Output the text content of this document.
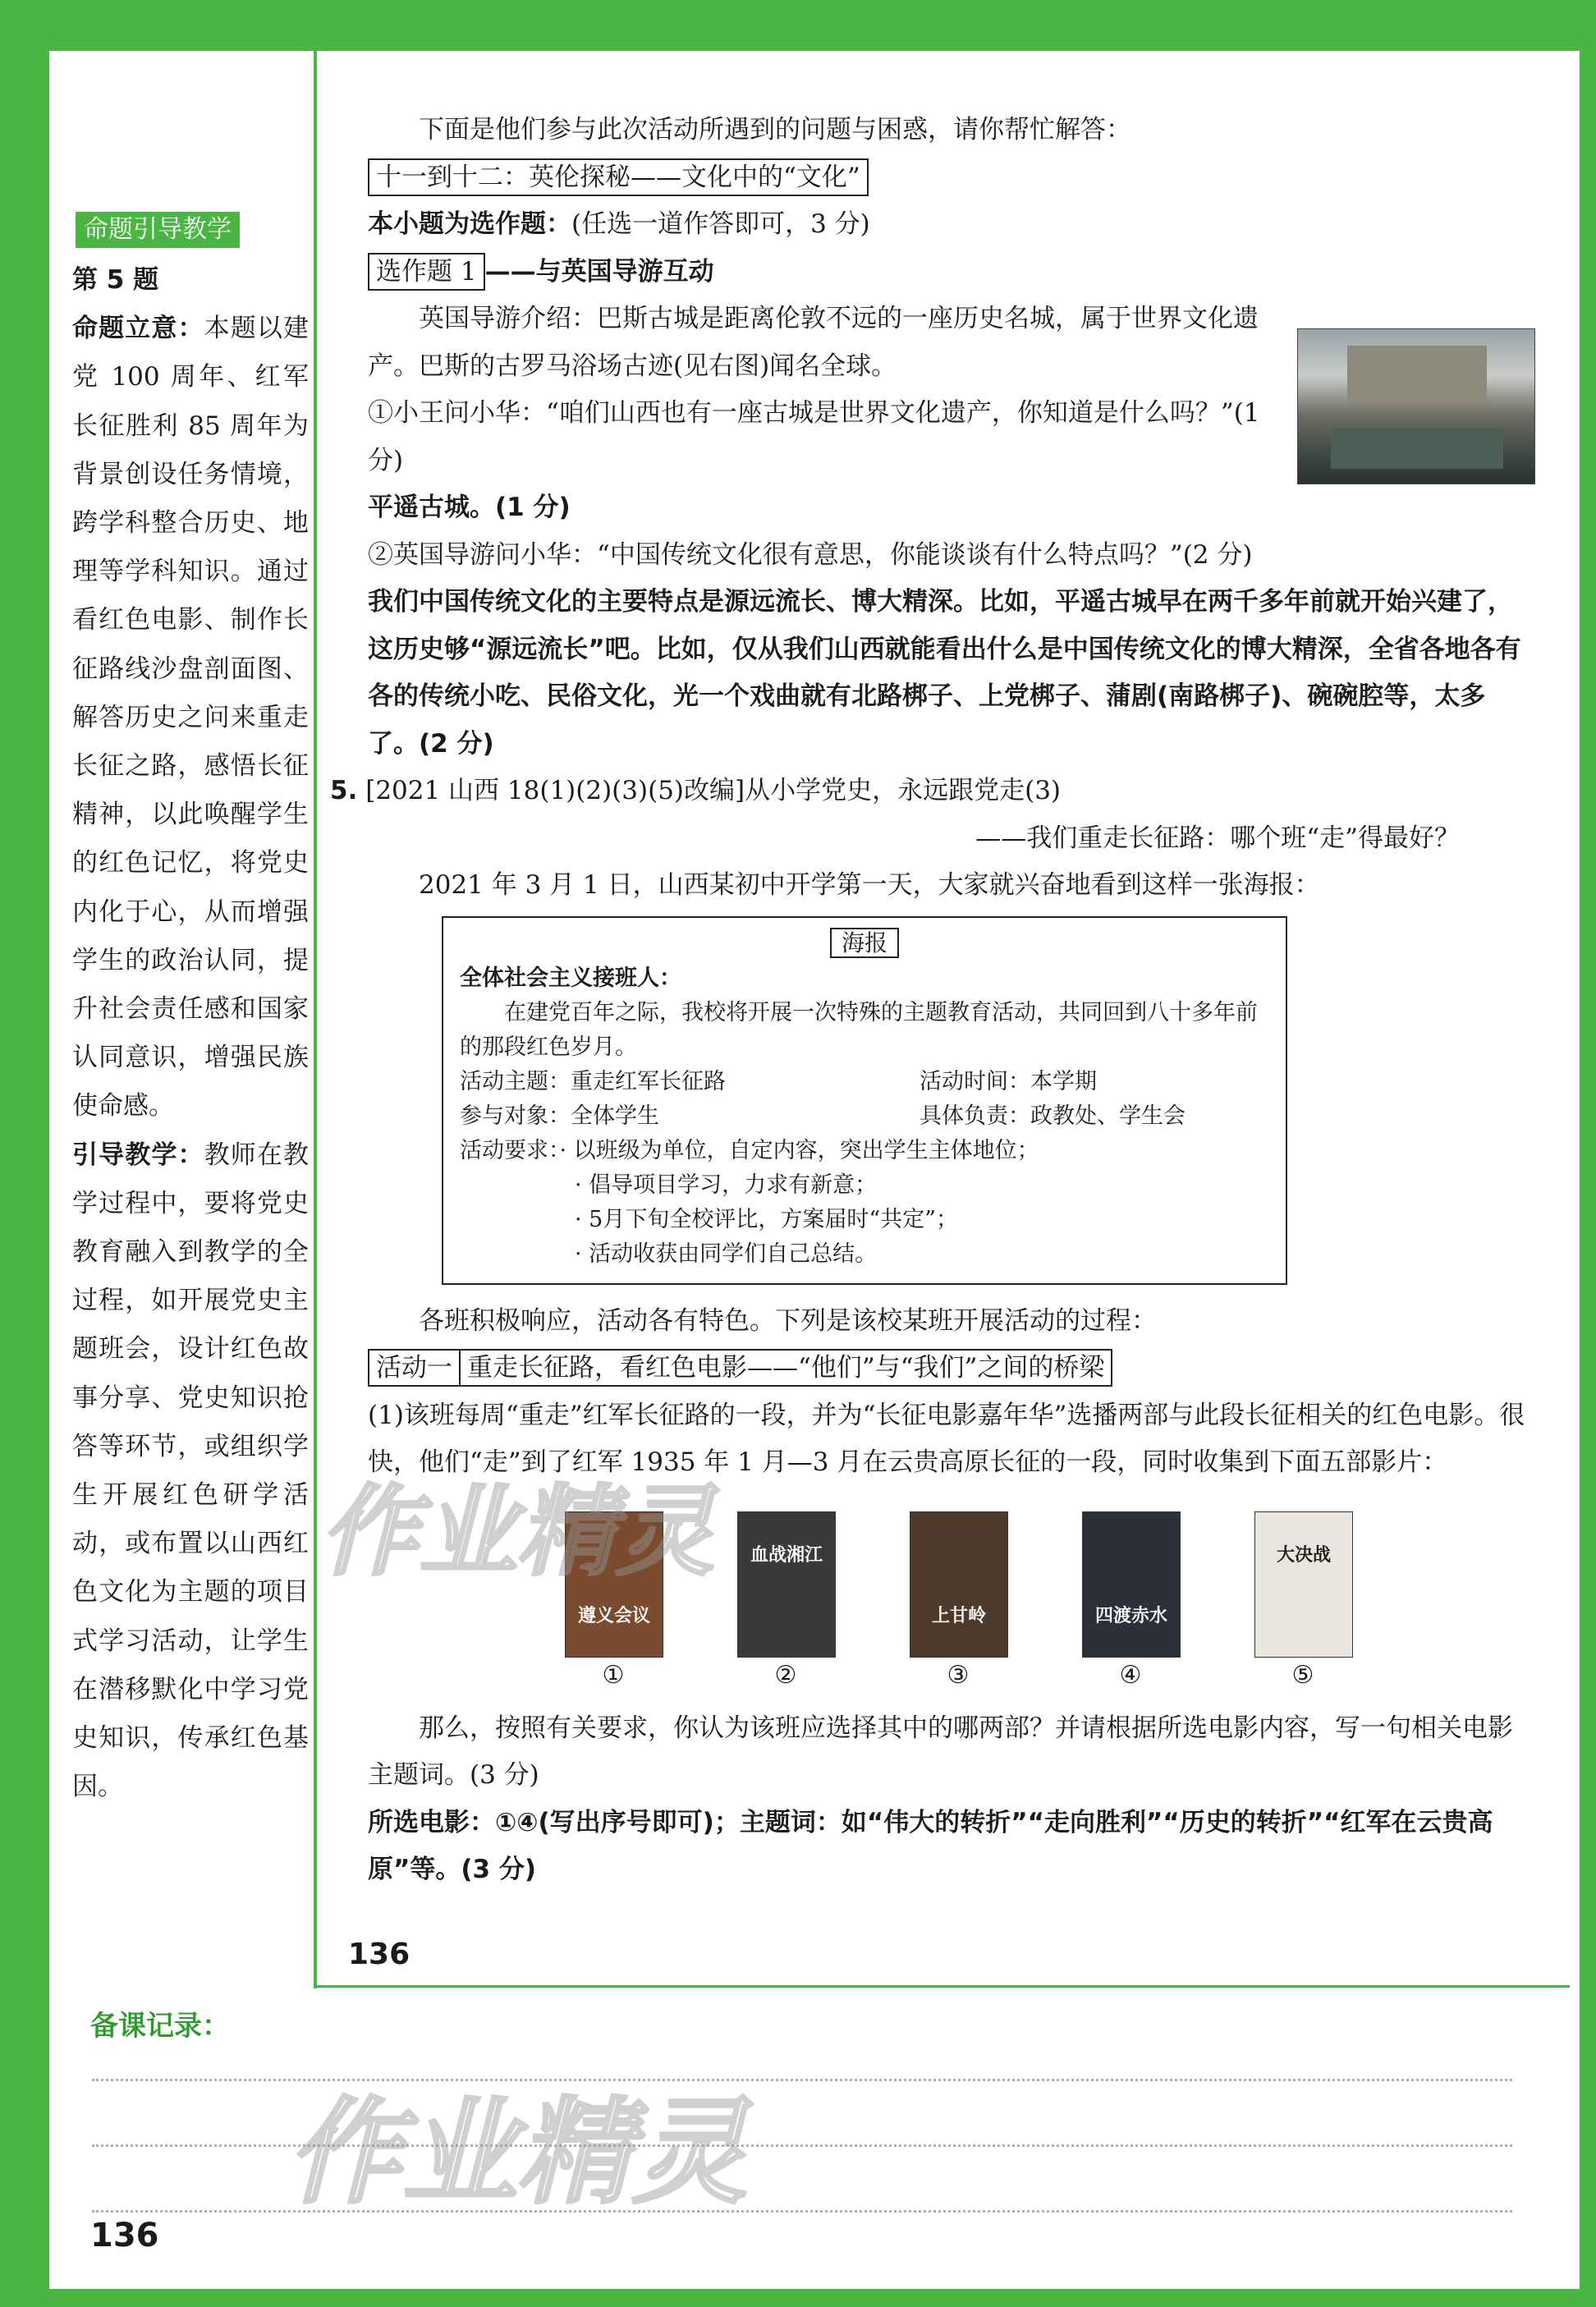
命题引导教学

第 5 题

命题立意：本题以建党 100 周年、红军长征胜利 85 周年为背景创设任务情境，跨学科整合历史、地理等学科知识。通过看红色电影、制作长征路线沙盘剖面图、解答历史之问来重走长征之路，感悟长征精神，以此唤醒学生的红色记忆，将党史内化于心，从而增强学生的政治认同，提升社会责任感和国家认同意识，增强民族使命感。

引导教学：教师在教学过程中，要将党史教育融入到教学的全过程，如开展党史主题班会，设计红色故事分享、党史知识抢答等环节，或组织学生开展红色研学活动，或布置以山西红色文化为主题的项目式学习活动，让学生在潜移默化中学习党史知识，传承红色基因。

下面是他们参与此次活动所遇到的问题与困惑，请你帮忙解答：

十一到十二：英伦探秘——文化中的“文化”

本小题为选作题：(任选一道作答即可，3 分)

选作题 1 ——与英国导游互动

英国导游介绍：巴斯古城是距离伦敦不远的一座历史名城，属于世界文化遗产。巴斯的古罗马浴场古迹(见右图)闻名全球。

①小王问小华：“咱们山西也有一座古城是世界文化遗产，你知道是什么吗？”(1 分)

平遥古城。(1 分)

②英国导游问小华：“中国传统文化很有意思，你能谈谈有什么特点吗？”(2 分)

我们中国传统文化的主要特点是源远流长、博大精深。比如，平遥古城早在两千多年前就开始兴建了，这历史够“源远流长”吧。比如，仅从我们山西就能看出什么是中国传统文化的博大精深，全省各地各有各的传统小吃、民俗文化，光一个戏曲就有北路梆子、上党梆子、蒲剧(南路梆子)、碗碗腔等，太多了。(2 分)

5. [2021 山西 18(1)(2)(3)(5)改编]从小学党史，永远跟党走(3)

——我们重走长征路：哪个班“走”得最好？

2021 年 3 月 1 日，山西某初中开学第一天，大家就兴奋地看到这样一张海报：

海报
全体社会主义接班人：
在建党百年之际，我校将开展一次特殊的主题教育活动，共同回到八十多年前的那段红色岁月。
活动主题：重走红军长征路	活动时间：本学期
参与对象：全体学生	具体负责：政教处、学生会
活动要求：· 以班级为单位，自定内容，突出学生主体地位；
· 倡导项目学习，力求有新意；
· 5月下旬全校评比，方案届时“共定”；
· 活动收获由同学们自己总结。

各班积极响应，活动各有特色。下列是该校某班开展活动的过程：

活动一 重走长征路，看红色电影——“他们”与“我们”之间的桥梁

(1)该班每周“重走”红军长征路的一段，并为“长征电影嘉年华”选播两部与此段长征相关的红色电影。很快，他们“走”到了红军 1935 年 1 月—3 月在云贵高原长征的一段，同时收集到下面五部影片：

遵义会议
①
血战湘江
②
上甘岭
③
四渡赤水
④
大决战
⑤

那么，按照有关要求，你认为该班应选择其中的哪两部？并请根据所选电影内容，写一句相关电影主题词。(3 分)

所选电影：①④(写出序号即可)；主题词：如“伟大的转折”“走向胜利”“历史的转折”“红军在云贵高原”等。(3 分)

136
备课记录：
136
作业精灵
作业精灵
